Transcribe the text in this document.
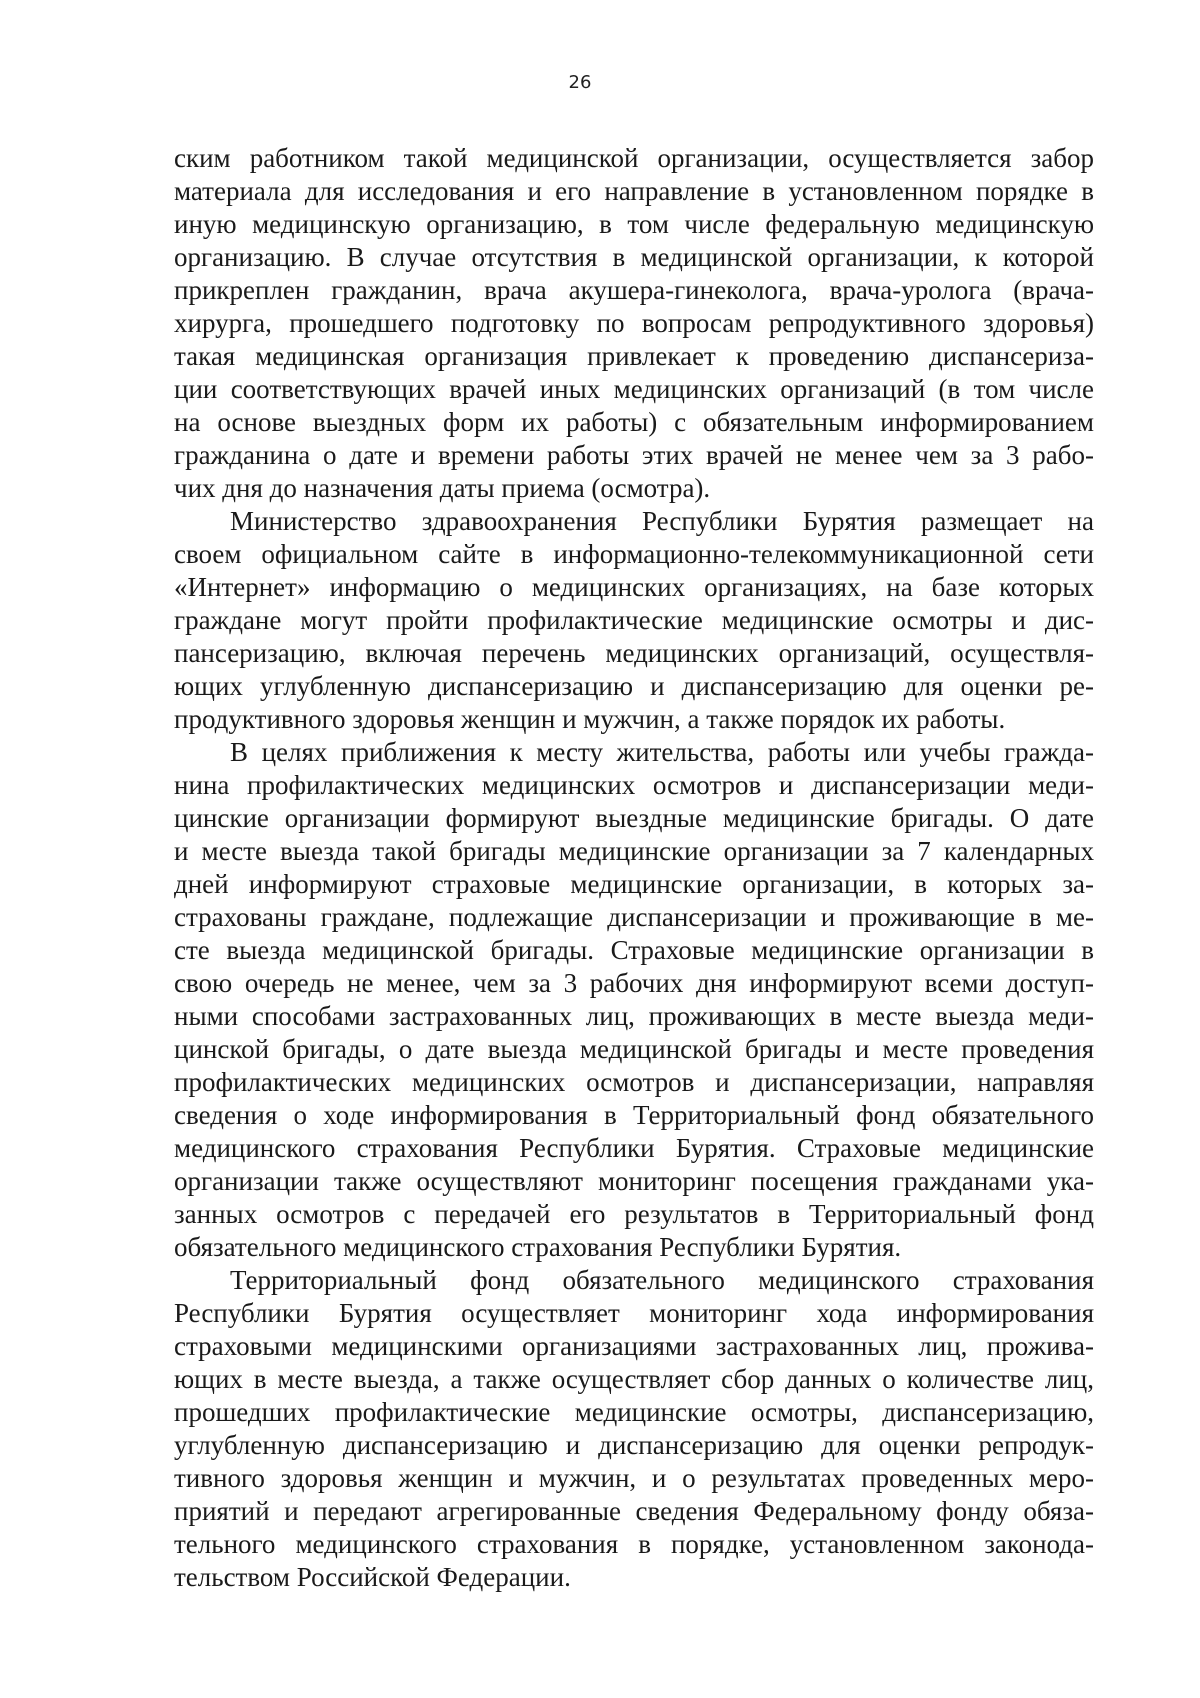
26
ским работником такой медицинской организации, осуществляется забор
материала для исследования и его направление в установленном порядке в
иную медицинскую организацию, в том числе федеральную медицинскую
организацию. В случае отсутствия в медицинской организации, к которой
прикреплен гражданин, врача акушера-гинеколога, врача-уролога (врача-
хирурга, прошедшего подготовку по вопросам репродуктивного здоровья)
такая медицинская организация привлекает к проведению диспансериза-
ции соответствующих врачей иных медицинских организаций (в том числе
на основе выездных форм их работы) с обязательным информированием
гражданина о дате и времени работы этих врачей не менее чем за 3 рабо-
чих дня до назначения даты приема (осмотра).
Министерство здравоохранения Республики Бурятия размещает на
своем официальном сайте в информационно-телекоммуникационной сети
«Интернет» информацию о медицинских организациях, на базе которых
граждане могут пройти профилактические медицинские осмотры и дис-
пансеризацию, включая перечень медицинских организаций, осуществля-
ющих углубленную диспансеризацию и диспансеризацию для оценки ре-
продуктивного здоровья женщин и мужчин, а также порядок их работы.
В целях приближения к месту жительства, работы или учебы гражда-
нина профилактических медицинских осмотров и диспансеризации меди-
цинские организации формируют выездные медицинские бригады. О дате
и месте выезда такой бригады медицинские организации за 7 календарных
дней информируют страховые медицинские организации, в которых за-
страхованы граждане, подлежащие диспансеризации и проживающие в ме-
сте выезда медицинской бригады. Страховые медицинские организации в
свою очередь не менее, чем за 3 рабочих дня информируют всеми доступ-
ными способами застрахованных лиц, проживающих в месте выезда меди-
цинской бригады, о дате выезда медицинской бригады и месте проведения
профилактических медицинских осмотров и диспансеризации, направляя
сведения о ходе информирования в Территориальный фонд обязательного
медицинского страхования Республики Бурятия. Страховые медицинские
организации также осуществляют мониторинг посещения гражданами ука-
занных осмотров с передачей его результатов в Территориальный фонд
обязательного медицинского страхования Республики Бурятия.
Территориальный фонд обязательного медицинского страхования
Республики Бурятия осуществляет мониторинг хода информирования
страховыми медицинскими организациями застрахованных лиц, прожива-
ющих в месте выезда, а также осуществляет сбор данных о количестве лиц,
прошедших профилактические медицинские осмотры, диспансеризацию,
углубленную диспансеризацию и диспансеризацию для оценки репродук-
тивного здоровья женщин и мужчин, и о результатах проведенных меро-
приятий и передают агрегированные сведения Федеральному фонду обяза-
тельного медицинского страхования в порядке, установленном законода-
тельством Российской Федерации.
